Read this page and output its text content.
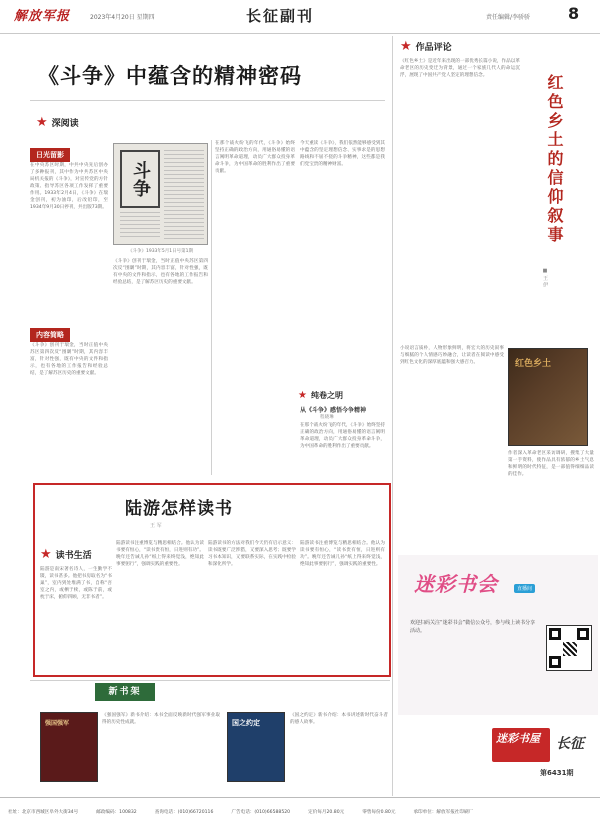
解放军报	2023年4月20日 星期四	长征副刊	责任编辑/李骄骄 8
《斗争》中蕴含的精神密码
★ 深阅读
日光留影
在中央苏区时期，中共中央先后创办了多种报刊，其中作为中共苏区中央局机关报的《斗争》，对宣传党的方针政策、指导苏区各项工作发挥了重要作用。1933年2月4日，《斗争》在瑞金创刊，初为油印，后改铅印，至1934年9月30日停刊，共出版73期。
内容简略
《斗争》创刊于瑞金，当时正值中央苏区第四次反“围剿”时期，其内容丰富，针对性强，既有中央的文件和指示，也有各地的工作报告和经验总结，是了解苏区历史的重要文献。
斗争
《斗争》1933年5月1日号第1期
《斗争》创刊于瑞金，当时正值中央苏区第四次反“围剿”时期，其内容丰富，针对性强，既有中央的文件和指示，也有各地的工作报告和经验总结，是了解苏区历史的重要文献。
在那个战火纷飞的年代，《斗争》始终坚持正确的政治方向，用通俗易懂的语言阐明革命道理，动员广大群众投身革命斗争，为中国革命的胜利作出了重要贡献。
★ 纯卷之明
从《斗争》感悟今争精神
程晓琳
今天重读《斗争》，我们依然能够感受到其中蕴含的坚定理想信念、实事求是的思想路线和不屈不挠的斗争精神，这些都是我们党宝贵的精神财富。
在那个战火纷飞的年代，《斗争》始终坚持正确的政治方向，用通俗易懂的语言阐明革命道理，动员广大群众投身革命斗争，为中国革命的胜利作出了重要贡献。
陆游怎样读书
王 军
★ 读书生活
陆游是南宋著名诗人，一生勤学不辍，读书甚多。他把书房取名为“书巢”，室内到处堆满了书，自称“吾室之内，或栖于椟，或陈于前，或枕于床，俯仰四顾，无非书者”。
陆游读书注重博览与精思相结合。他认为读书要有恒心，“读书贵有恒，日进则有功”。晚年还告诫儿孙“纸上得来终觉浅，绝知此事要躬行”，强调实践的重要性。
陆游读书的方法对我们今天仍有启示意义：读书既要广泛涉猎，又要深入思考；既要学习书本知识，又要联系实际，在实践中检验和深化所学。
陆游读书注重博览与精思相结合。他认为读书要有恒心，“读书贵有恒，日进则有功”。晚年还告诫儿孙“纸上得来终觉浅，绝知此事要躬行”，强调实践的重要性。
★ 作品评论
红色乡土的信仰叙事
■ 王 伊
《红色乡土》是近年来出现的一部优秀长篇小说，作品以革命老区的历史变迁为背景，通过一个家族几代人的命运沉浮，展现了中国共产党人坚定的理想信念。
小说语言质朴，人物形象鲜明，将宏大的历史叙事与细腻的个人情感巧妙融合，让读者在阅读中感受到红色文化的深厚底蕴和强大感召力。	红色乡土
作者深入革命老区采访调研，搜集了大量第一手资料，使作品具有浓郁的乡土气息和鲜明的时代特征，是一部值得细细品读的佳作。
迷彩书会	直播间
欢迎扫码关注“迷彩书会”微信公众号，参与线上读书分享活动。
新书架
强国强军
《强国强军》新书介绍：本书全面反映新时代强军事业取得的历史性成就。	国之约定
《国之约定》新书介绍：本书讲述新时代奋斗者的感人故事。
迷彩书屋 长征
第6431期
社址：北京市西城区阜外大街34号	邮政编码：100832	查询电话：(010)66720116	广告电话：(010)66588520	定价每月20.80元	零售每份0.80元	承印单位：解放军报社印刷厂
